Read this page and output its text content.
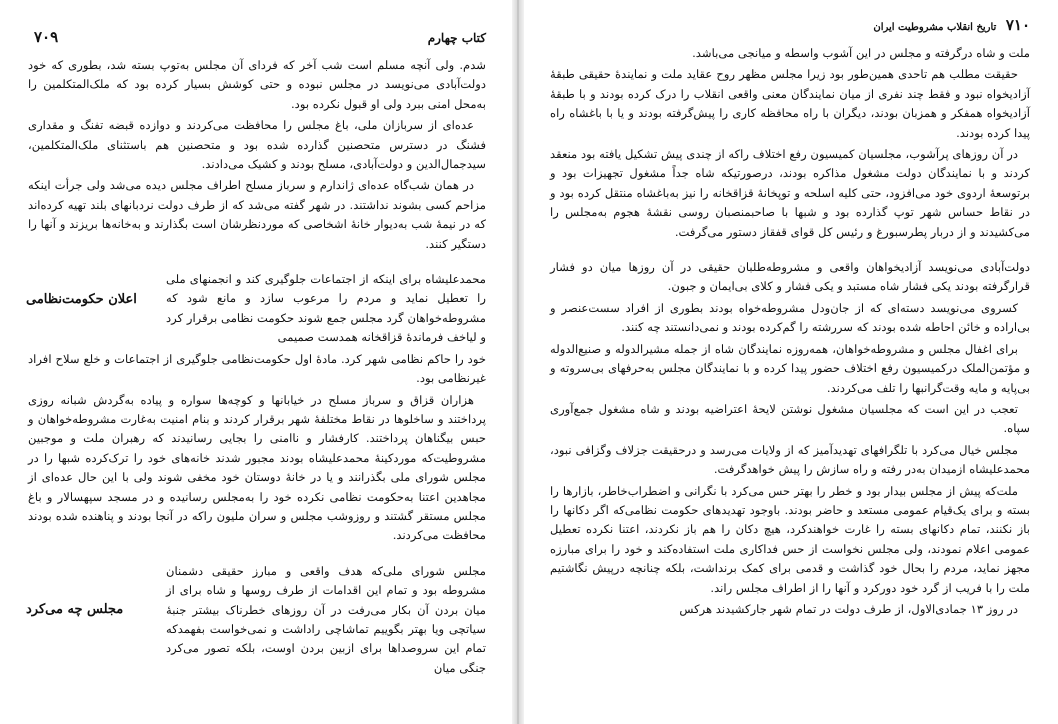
کتاب چهارم
۷۰۹

شدم. ولی آنچه مسلم است شب آخر که فردای آن مجلس به‌توپ بسته شد، بطوری که خود دولت‌آبادی می‌نویسد در مجلس نبوده و حتی کوشش بسیار کرده بود که ملک‌المتکلمین را به‌محل امنی ببرد ولی او قبول نکرده بود.

عده‌ای از سربازان ملی، باغ مجلس را محافظت می‌کردند و دوازده قبضه تفنگ و مقداری فشنگ در دسترس متحصنین گذارده شده بود و متحصنین هم باستثنای ملک‌المتکلمین، سیدجمال‌الدین و دولت‌آبادی، مسلح بودند و کشیک می‌دادند.

در همان شب‌گاه عده‌ای ژاندارم و سرباز مسلح اطراف مجلس دیده می‌شد ولی جرأت اینکه مزاحم کسی بشوند نداشتند. در شهر گفته می‌شد که از طرف دولت نردبانهای بلند تهیه کرده‌اند که در نیمهٔ شب به‌دیوار خانهٔ اشخاصی که موردنظرشان است بگذارند و به‌خانه‌ها بریزند و آنها را دستگیر کنند.

اعلان حکومت‌نظامی

محمدعلیشاه برای اینکه از اجتماعات جلوگیری کند و انجمنهای ملی را تعطیل نماید و مردم را مرعوب سازد و مانع شود که مشروطه‌خواهان گرد مجلس جمع شوند حکومت نظامی برقرار کرد و لیاخف فرماندهٔ قزاقخانه همدست صمیمی

خود را حاکم نظامی شهر کرد. مادهٔ اول حکومت‌نظامی جلوگیری از اجتماعات و خلع سلاح افراد غیرنظامی بود.

هزاران قزاق و سرباز مسلح در خیابانها و کوچه‌ها سواره و پیاده به‌گردش شبانه روزی پرداختند و ساخلوها در نقاط مختلفهٔ شهر برقرار کردند و بنام امنیت به‌غارت مشروطه‌خواهان و حبس بیگناهان پرداختند. کارفشار و ناامنی را بجایی رسانیدند که رهبران ملت و موجبین مشروطیت‌که موردکینهٔ محمدعلیشاه بودند مجبور شدند خانه‌های خود را ترک‌کرده شبها را در مجلس شورای ملی بگذرانند و یا در خانهٔ دوستان خود مخفی شوند ولی با این حال عده‌ای از مجاهدین اعتنا به‌حکومت نظامی نکرده خود را به‌مجلس رسانیده و در مسجد سپهسالار و باغ مجلس مستقر گشتند و روزوشب مجلس و سران ملیون راکه در آنجا بودند و پناهنده شده بودند محافظت می‌کردند.

مجلس چه می‌کرد

مجلس شورای ملی‌که هدف واقعی و مبارز حقیقی دشمنان مشروطه بود و تمام این اقدامات از طرف روسها و شاه برای از میان بردن آن بکار می‌رفت در آن روزهای خطرناک بیشتر جنبهٔ سیاتچی ویا بهتر بگوییم تماشاچی راداشت و نمی‌خواست بفهمدکه تمام این سروصداها برای ازبین بردن اوست، بلکه تصور می‌کرد جنگی میان

۷۱۰ تاریخ انقلاب مشروطیت ایران

ملت و شاه درگرفته و مجلس در این آشوب واسطه و میانجی می‌باشد.

حقیقت مطلب هم تاحدی همین‌طور بود زیرا مجلس مظهر روح عقاید ملت و نمایندهٔ حقیقی طبقهٔ آزادیخواه نبود و فقط چند نفری از میان نمایندگان معنی واقعی انقلاب را درک کرده بودند و با طبقهٔ آزادیخواه همفکر و همزبان بودند، دیگران با راه محافظه کاری را پیش‌گرفته بودند و یا با باغشاه راه پیدا کرده بودند.

در آن روزهای پرآشوب، مجلسیان کمیسیون رفع اختلاف راکه از چندی پیش تشکیل یافته بود منعقد کردند و با نمایندگان دولت مشغول مذاکره بودند، درصورتیکه شاه جداً مشغول تجهیزات بود و برتوسعهٔ اردوی خود می‌افزود، حتی کلیه اسلحه و توپخانهٔ قزاقخانه را نیز به‌باغشاه منتقل کرده بود و در نقاط حساس شهر توپ گذارده بود و شبها با صاحبمنصبان روسی نقشهٔ هجوم به‌مجلس را می‌کشیدند و از دربار پطرسبورغ و رئیس کل قوای قفقاز دستور می‌گرفت.

دولت‌آبادی می‌نویسد آزادیخواهان واقعی و مشروطه‌طلبان حقیقی در آن روزها میان دو فشار قرارگرفته بودند یکی فشار شاه مستبد و یکی فشار و کلای بی‌ایمان و جبون.

کسروی می‌نویسد دسته‌ای که از جان‌ودل مشروطه‌خواه بودند بطوری از افراد سست‌عنصر و بی‌اراده و خائن احاطه شده بودند که سررشته را گم‌کرده بودند و نمی‌دانستند چه کنند.

برای اغفال مجلس و مشروطه‌خواهان، همه‌روزه نمایندگان شاه از جمله مشیرالدوله و صنیع‌الدوله و مؤتمن‌الملک درکمیسیون رفع اختلاف حضور پیدا کرده و با نمایندگان مجلس به‌حرفهای بی‌سروته و بی‌پایه و مایه وقت‌گرانبها را تلف می‌کردند.

تعجب در این است که مجلسیان مشغول نوشتن لایحهٔ اعتراضیه بودند و شاه مشغول جمع‌آوری سپاه.

مجلس خیال می‌کرد با تلگرافهای تهدیدآمیز که از ولایات می‌رسد و درحقیقت جزلاف وگزافی نبود، محمدعلیشاه ازمیدان به‌در رفته و راه سازش را پیش خواهدگرفت.

ملت‌که پیش از مجلس بیدار بود و خطر را بهتر حس می‌کرد با نگرانی و اضطراب‌خاطر، بازارها را بسته و برای یک‌قیام عمومی مستعد و حاضر بودند. باوجود تهدیدهای حکومت نظامی‌که اگر دکانها را باز نکنند، تمام دکانهای بسته را غارت خواهند‌کرد، هیچ دکان را هم باز نکردند، اعتنا نکرده تعطیل عمومی اعلام نمودند، ولی مجلس نخواست از حس فداکاری ملت استفاده‌کند و خود را برای مبارزه مجهز نماید، مردم را بحال خود گذاشت و قدمی برای کمک برنداشت، بلکه چنانچه درپیش نگاشتیم ملت را با فریب از گرد خود دورکرد و آنها را از اطراف مجلس راند.

در روز ۱۳ جمادی‌الاول، از طرف دولت در تمام شهر جارکشیدند هرکس
